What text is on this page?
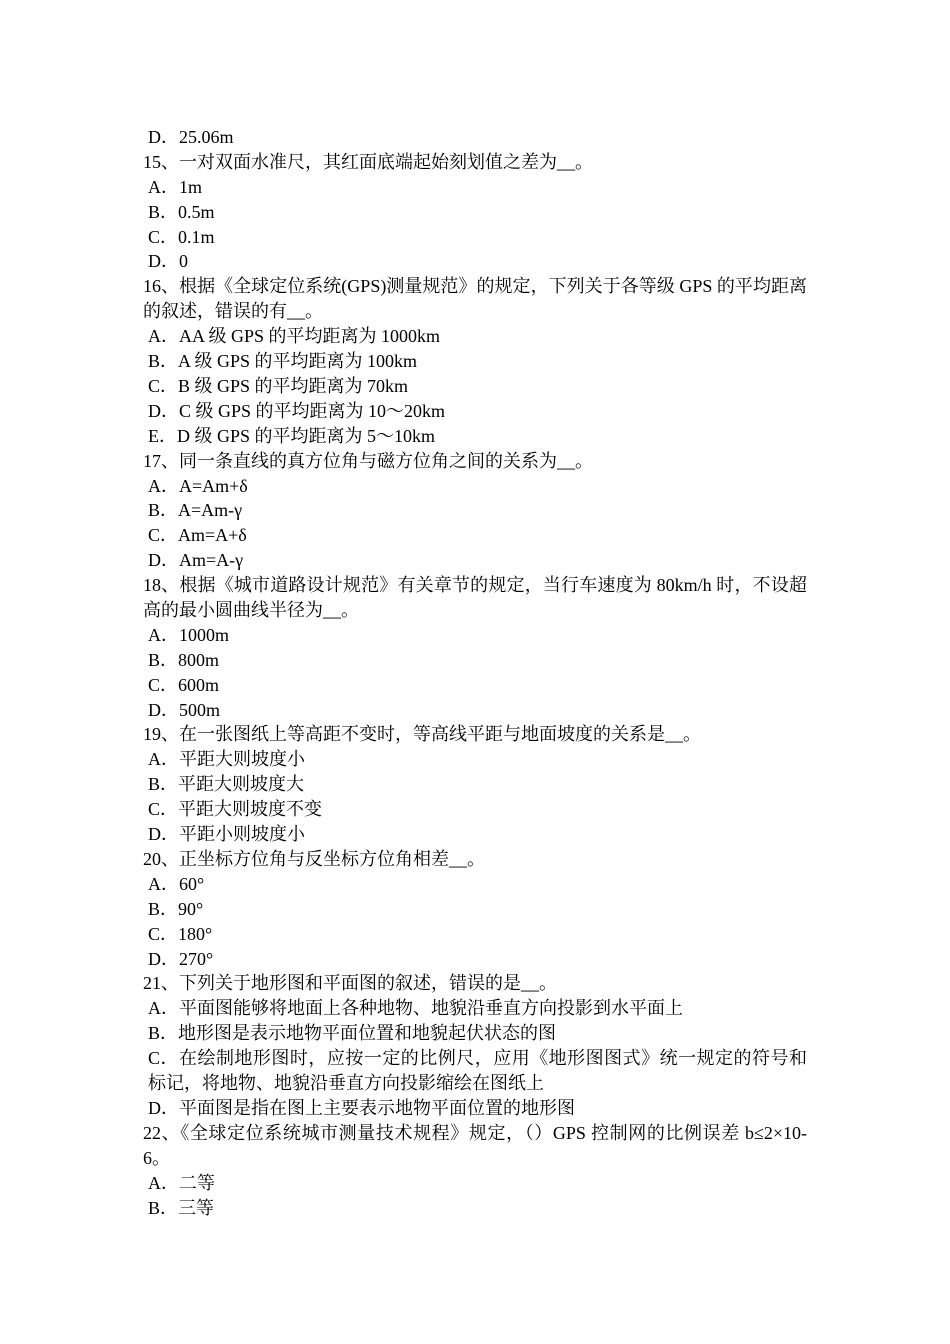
D．25.06m
15、一对双面水准尺，其红面底端起始刻划值之差为__。
A．1m
B．0.5m
C．0.1m
D．0
16、根据《全球定位系统(GPS)测量规范》的规定，下列关于各等级 GPS 的平均距离的叙述，错误的有__。
A．AA 级 GPS 的平均距离为 1000km
B．A 级 GPS 的平均距离为 100km
C．B 级 GPS 的平均距离为 70km
D．C 级 GPS 的平均距离为 10～20km
E．D 级 GPS 的平均距离为 5～10km
17、同一条直线的真方位角与磁方位角之间的关系为__。
A．A=Am+δ
B．A=Am-γ
C．Am=A+δ
D．Am=A-γ
18、根据《城市道路设计规范》有关章节的规定，当行车速度为 80km/h 时，不设超高的最小圆曲线半径为__。
A．1000m
B．800m
C．600m
D．500m
19、在一张图纸上等高距不变时，等高线平距与地面坡度的关系是__。
A．平距大则坡度小
B．平距大则坡度大
C．平距大则坡度不变
D．平距小则坡度小
20、正坐标方位角与反坐标方位角相差__。
A．60°
B．90°
C．180°
D．270°
21、下列关于地形图和平面图的叙述，错误的是__。
A．平面图能够将地面上各种地物、地貌沿垂直方向投影到水平面上
B．地形图是表示地物平面位置和地貌起伏状态的图
C．在绘制地形图时，应按一定的比例尺，应用《地形图图式》统一规定的符号和标记，将地物、地貌沿垂直方向投影缩绘在图纸上
D．平面图是指在图上主要表示地物平面位置的地形图
22、《全球定位系统城市测量技术规程》规定，（）GPS 控制网的比例误差 b≤2×10-6。
A．二等
B．三等
